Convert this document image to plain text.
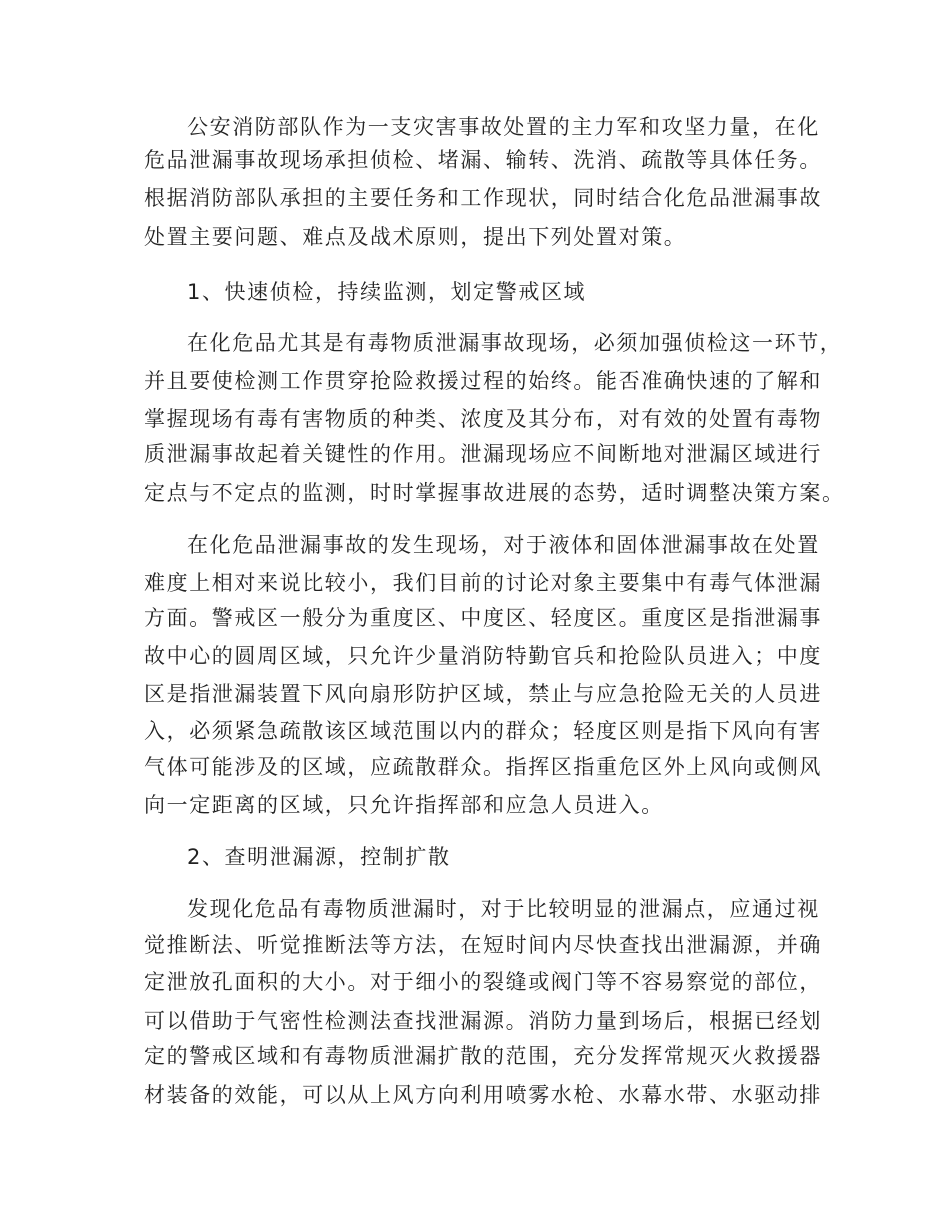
公安消防部队作为一支灾害事故处置的主力军和攻坚力量，在化

危品泄漏事故现场承担侦检、堵漏、输转、洗消、疏散等具体任务。

根据消防部队承担的主要任务和工作现状，同时结合化危品泄漏事故

处置主要问题、难点及战术原则，提出下列处置对策。

1、快速侦检，持续监测，划定警戒区域

在化危品尤其是有毒物质泄漏事故现场，必须加强侦检这一环节，

并且要使检测工作贯穿抢险救援过程的始终。能否准确快速的了解和

掌握现场有毒有害物质的种类、浓度及其分布，对有效的处置有毒物

质泄漏事故起着关键性的作用。泄漏现场应不间断地对泄漏区域进行

定点与不定点的监测，时时掌握事故进展的态势，适时调整决策方案。

在化危品泄漏事故的发生现场，对于液体和固体泄漏事故在处置

难度上相对来说比较小，我们目前的讨论对象主要集中有毒气体泄漏

方面。警戒区一般分为重度区、中度区、轻度区。重度区是指泄漏事

故中心的圆周区域，只允许少量消防特勤官兵和抢险队员进入；中度

区是指泄漏装置下风向扇形防护区域，禁止与应急抢险无关的人员进

入，必须紧急疏散该区域范围以内的群众；轻度区则是指下风向有害

气体可能涉及的区域，应疏散群众。指挥区指重危区外上风向或侧风

向一定距离的区域，只允许指挥部和应急人员进入。

2、查明泄漏源，控制扩散

发现化危品有毒物质泄漏时，对于比较明显的泄漏点，应通过视

觉推断法、听觉推断法等方法，在短时间内尽快查找出泄漏源，并确

定泄放孔面积的大小。对于细小的裂缝或阀门等不容易察觉的部位，

可以借助于气密性检测法查找泄漏源。消防力量到场后，根据已经划

定的警戒区域和有毒物质泄漏扩散的范围，充分发挥常规灭火救援器

材装备的效能，可以从上风方向利用喷雾水枪、水幕水带、水驱动排
